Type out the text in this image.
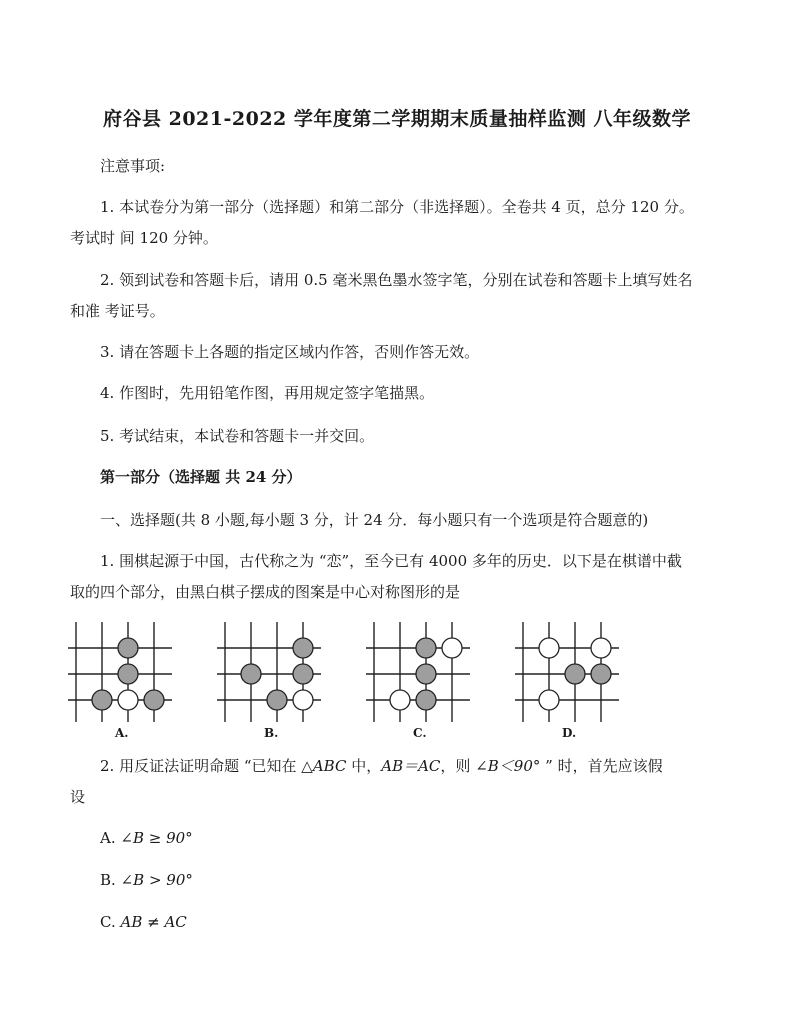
府谷县 2021-2022 学年度第二学期期末质量抽样监测 八年级数学
注意事项:
1. 本试卷分为第一部分（选择题）和第二部分（非选择题）。全卷共 4 页，总分 120 分。
考试时 间 120 分钟。
2. 领到试卷和答题卡后，请用 0.5 毫米黑色墨水签字笔，分别在试卷和答题卡上填写姓名
和准 考证号。
3. 请在答题卡上各题的指定区域内作答，否则作答无效。
4. 作图时，先用铅笔作图，再用规定签字笔描黑。
5. 考试结束，本试卷和答题卡一并交回。
第一部分（选择题 共 24 分）
一、选择题(共 8 小题,每小题 3 分，计 24 分．每小题只有一个选项是符合题意的)
1. 围棋起源于中国，古代称之为 “恋”，至今已有 4000 多年的历史．以下是在棋谱中截
取的四个部分，由黑白棋子摆成的图案是中心对称图形的是
A.	B.	C.	D.
2. 用反证法证明命题 “已知在 △ABC 中，AB＝AC，则 ∠B＜90° ” 时，首先应该假
设
A. ∠B ≥ 90°
B. ∠B > 90°
C. AB ≠ AC
